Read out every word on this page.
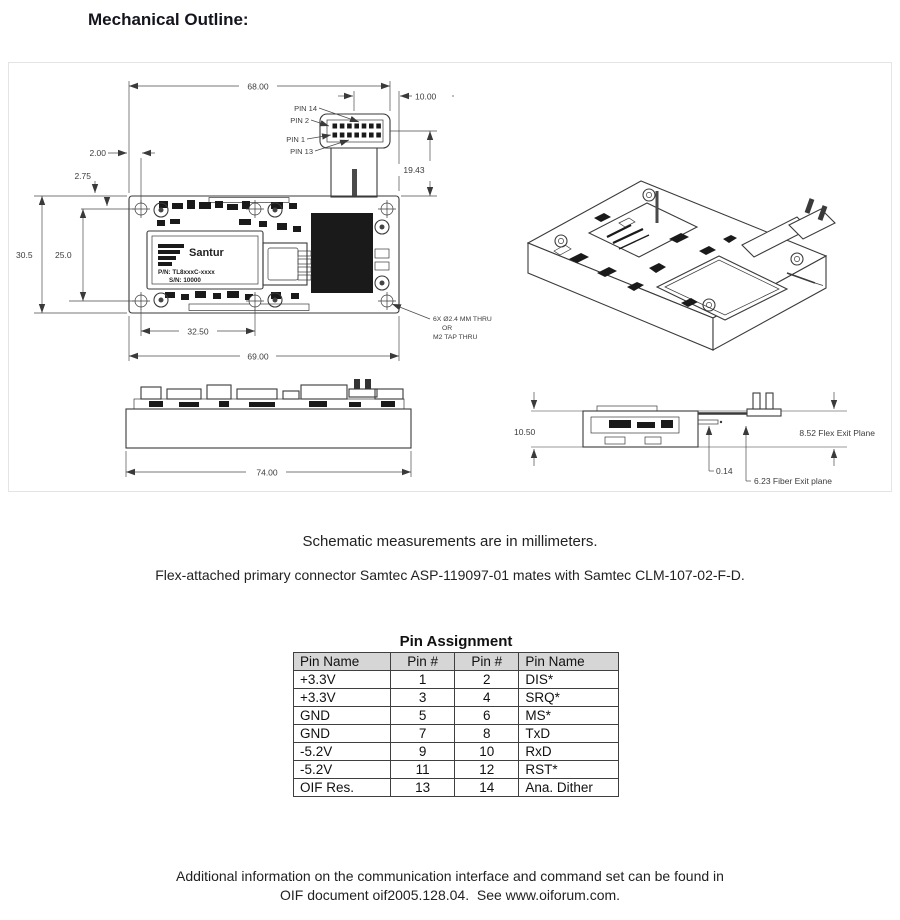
Mechanical Outline:
Santur
P/N: TL8xxxC-xxxx
S/N: 10000
PIN 14
PIN 2
PIN 1
PIN 13
68.00
10.00
19.43
2.00
2.75
30.5	25.0
32.50
69.00
6X Ø2.4 MM THRU
OR
M2 TAP THRU
74.00
10.50	8.52 Flex Exit Plane
0.14
6.23 Fiber Exit plane
Schematic measurements are in millimeters.
Flex-attached primary connector Samtec ASP-119097-01 mates with Samtec CLM-107-02-F-D.
Pin Assignment
Pin Name	Pin #	Pin #	Pin Name
+3.3V	1	2	DIS*
+3.3V	3	4	SRQ*
GND	5	6	MS*
GND	7	8	TxD
-5.2V	9	10	RxD
-5.2V	11	12	RST*
OIF Res.	13	14	Ana. Dither
Additional information on the communication interface and command set can be found in
OIF document oif2005.128.04.  See www.oiforum.com.
